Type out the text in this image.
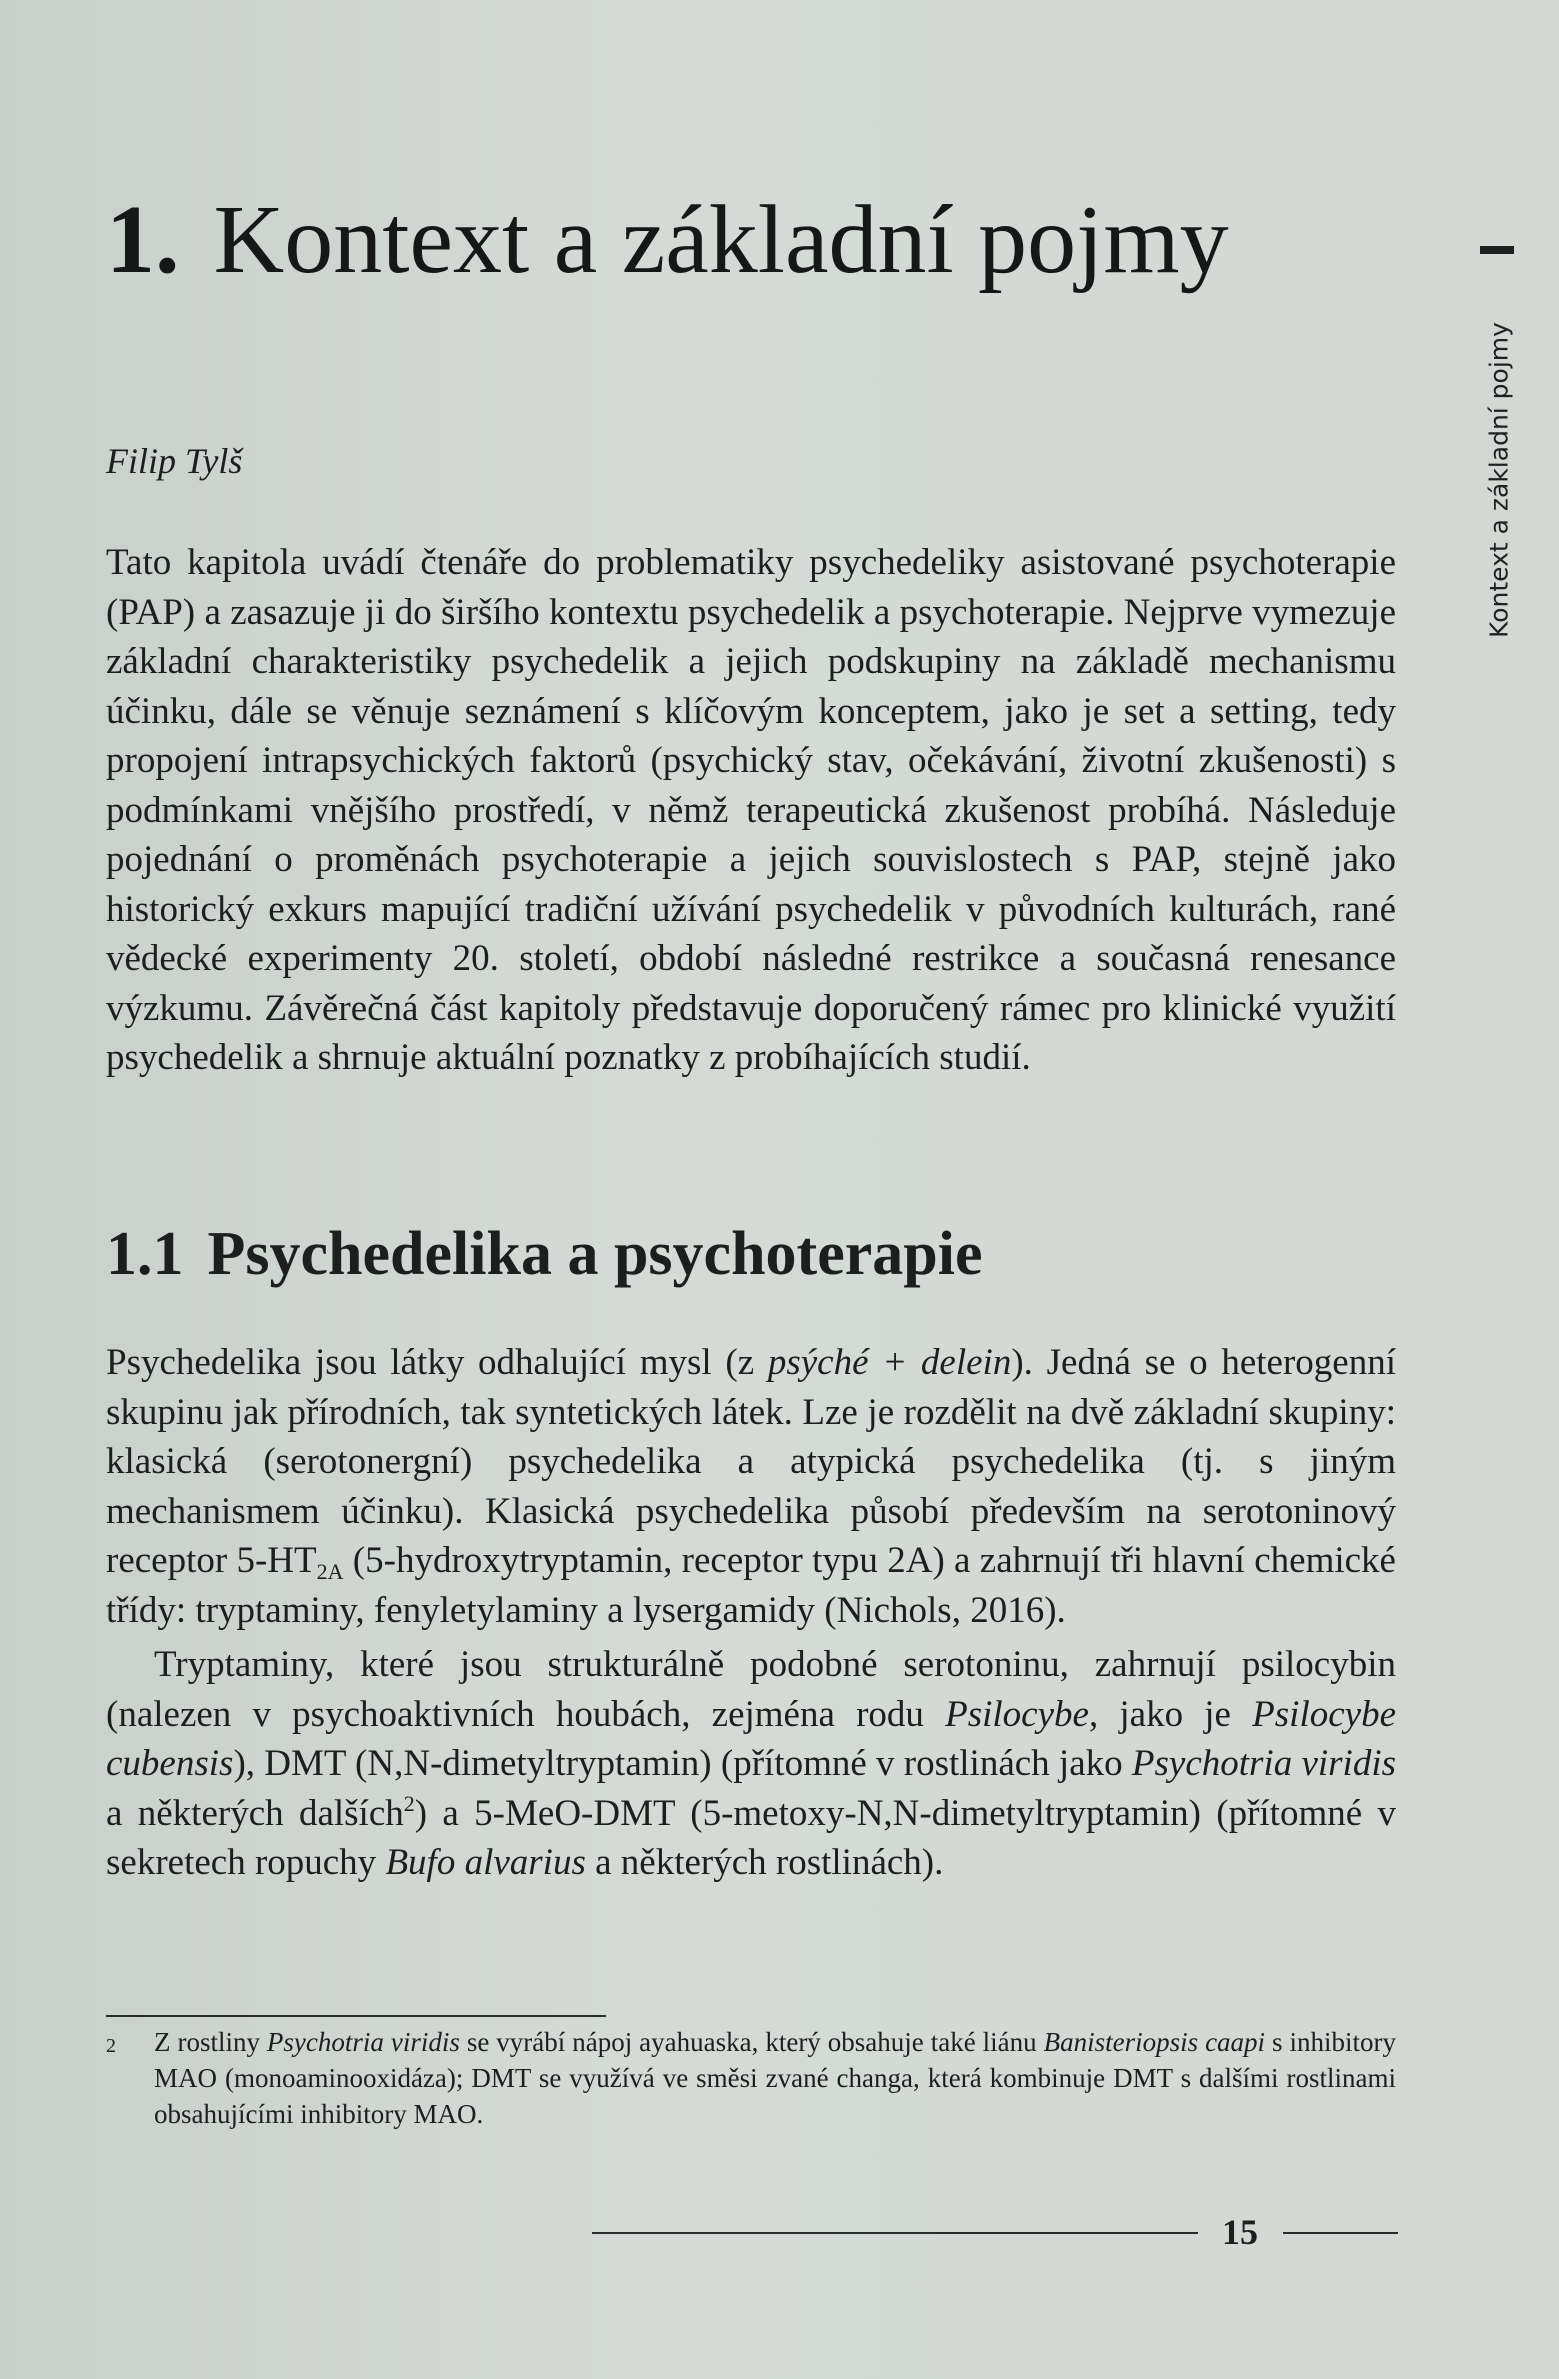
1. Kontext a základní pojmy
Filip Tylš

Tato kapitola uvádí čtenáře do problematiky psychedeliky asistované psychoterapie (PAP) a zasazuje ji do širšího kontextu psychedelik a psychoterapie. Nejprve vymezuje základní charakteristiky psychedelik a jejich podskupiny na základě mechanismu účinku, dále se věnuje seznámení s klíčovým konceptem, jako je set a setting, tedy propojení intrapsychických faktorů (psychický stav, očekávání, životní zkušenosti) s podmínkami vnějšího prostředí, v němž terapeutická zkušenost probíhá. Následuje pojednání o proměnách psychoterapie a jejich souvislostech s PAP, stejně jako historický exkurs mapující tradiční užívání psychedelik v původních kulturách, rané vědecké experimenty 20. století, období následné restrikce a současná renesance výzkumu. Závěrečná část kapitoly představuje doporučený rámec pro klinické využití psychedelik a shrnuje aktuální poznatky z probíhajících studií.

1.1 Psychedelika a psychoterapie

Psychedelika jsou látky odhalující mysl (z psýché + delein). Jedná se o heterogenní skupinu jak přírodních, tak syntetických látek. Lze je rozdělit na dvě základní skupiny: klasická (serotonergní) psychedelika a atypická psychedelika (tj. s jiným mechanismem účinku). Klasická psychedelika působí především na serotoninový receptor $5-HT_{2A}$ (5-hydroxytryptamin, receptor typu 2A) a zahrnují tři hlavní chemické třídy: tryptaminy, fenyletylaminy a lysergamidy (Nichols, 2016).

Tryptaminy, které jsou strukturálně podobné serotoninu, zahrnují psilocybin (nalezen v psychoaktivních houbách, zejména rodu Psilocybe, jako je Psilocybe cubensis), DMT (N,N-dimetyltryptamin) (přítomné v rostlinách jako Psychotria viridis a některých dalších$^2$) a 5-MeO-DMT (5-metoxy-N,N-dimetyltryptamin) (přítomné v sekretech ropuchy Bufo alvarius a některých rostlinách).

2 Z rostliny Psychotria viridis se vyrábí nápoj ayahuaska, který obsahuje také liánu Banisteriopsis caapi s inhibitory MAO (monoaminooxidáza); DMT se využívá ve směsi zvané changa, která kombinuje DMT s dalšími rostlinami obsahujícími inhibitory MAO.
15
Kontext a základní pojmy
